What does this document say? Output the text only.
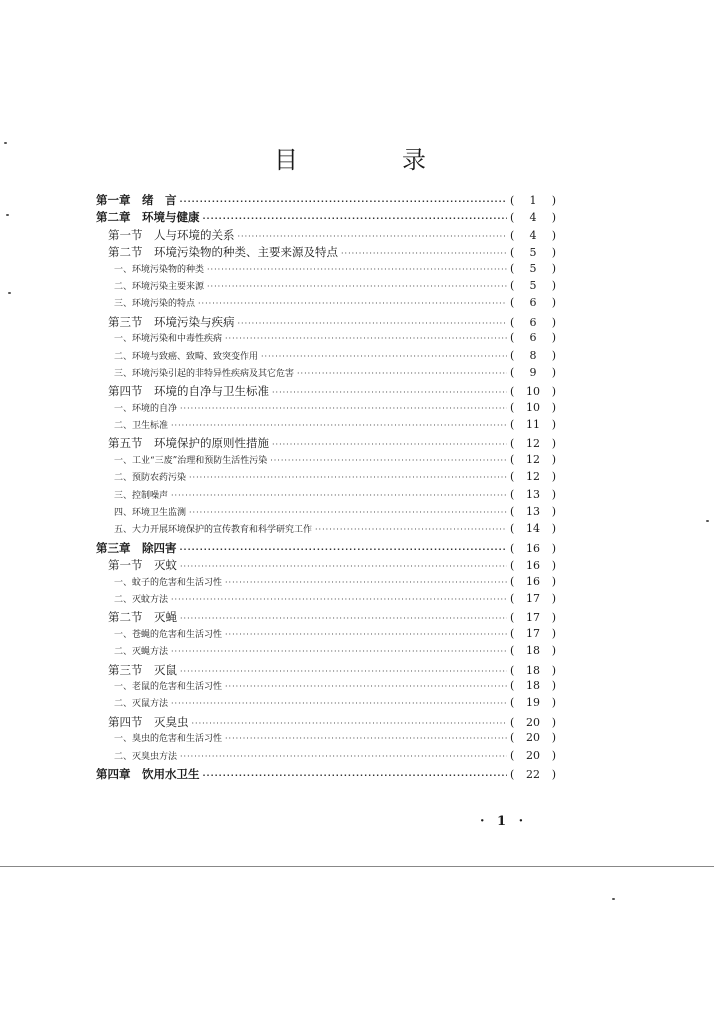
目　录
第一章　绪　言 ·····	(	1	)
第二章　环境与健康 ·····	(	4	)
第一节　人与环境的关系 ·····	(	4	)
第二节　环境污染物的种类、主要来源及特点 ·····	(	5	)
一、环境污染物的种类 ·····	(	5	)
二、环境污染主要来源 ·····	(	5	)
三、环境污染的特点 ·····	(	6	)
第三节　环境污染与疾病 ·····	(	6	)
一、环境污染和中毒性疾病 ·····	(	6	)
二、环境与致癌、致畸、致突变作用 ·····	(	8	)
三、环境污染引起的非特异性疾病及其它危害 ·····	(	9	)
第四节　环境的自净与卫生标准 ·····	(	10	)
一、环境的自净 ·····	(	10	)
二、卫生标准 ·····	(	11	)
第五节　环境保护的原则性措施 ·····	(	12	)
一、工业“三废”治理和预防生活性污染 ·····	(	12	)
二、预防农药污染 ·····	(	12	)
三、控制噪声 ·····	(	13	)
四、环境卫生监测 ·····	(	13	)
五、大力开展环境保护的宣传教育和科学研究工作 ·····	(	14	)
第三章　除四害 ·····	(	16	)
第一节　灭蚊 ·····	(	16	)
一、蚊子的危害和生活习性 ·····	(	16	)
二、灭蚊方法 ·····	(	17	)
第二节　灭蝇 ·····	(	17	)
一、苍蝇的危害和生活习性 ·····	(	17	)
二、灭蝇方法 ·····	(	18	)
第三节　灭鼠 ·····	(	18	)
一、老鼠的危害和生活习性 ·····	(	18	)
二、灭鼠方法 ·····	(	19	)
第四节　灭臭虫 ·····	(	20	)
一、臭虫的危害和生活习性 ·····	(	20	)
二、灭臭虫方法 ·····	(	20	)
第四章　饮用水卫生 ·····	(	22	)
· 1 ·
